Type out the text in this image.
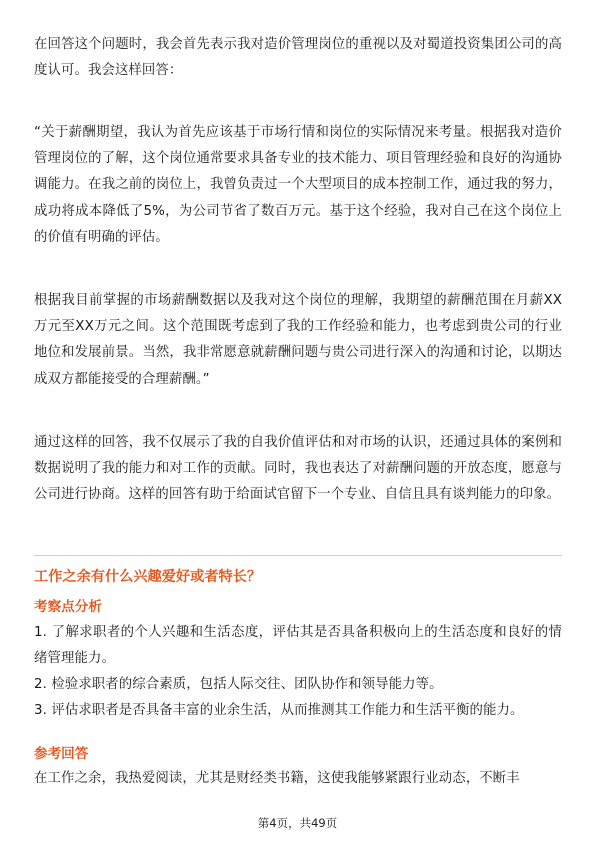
在回答这个问题时，我会首先表示我对造价管理岗位的重视以及对蜀道投资集团公司的高度认可。我会这样回答：

“关于薪酬期望，我认为首先应该基于市场行情和岗位的实际情况来考量。根据我对造价管理岗位的了解，这个岗位通常要求具备专业的技术能力、项目管理经验和良好的沟通协调能力。在我之前的岗位上，我曾负责过一个大型项目的成本控制工作，通过我的努力，成功将成本降低了5%，为公司节省了数百万元。基于这个经验，我对自己在这个岗位上的价值有明确的评估。

根据我目前掌握的市场薪酬数据以及我对这个岗位的理解，我期望的薪酬范围在月薪XX万元至XX万元之间。这个范围既考虑到了我的工作经验和能力，也考虑到贵公司的行业地位和发展前景。当然，我非常愿意就薪酬问题与贵公司进行深入的沟通和讨论，以期达成双方都能接受的合理薪酬。”

通过这样的回答，我不仅展示了我的自我价值评估和对市场的认识，还通过具体的案例和数据说明了我的能力和对工作的贡献。同时，我也表达了对薪酬问题的开放态度，愿意与公司进行协商。这样的回答有助于给面试官留下一个专业、自信且具有谈判能力的印象。

工作之余有什么兴趣爱好或者特长？
考察点分析
1. 了解求职者的个人兴趣和生活态度，评估其是否具备积极向上的生活态度和良好的情绪管理能力。
2. 检验求职者的综合素质，包括人际交往、团队协作和领导能力等。
3. 评估求职者是否具备丰富的业余生活，从而推测其工作能力和生活平衡的能力。
参考回答

在工作之余，我热爱阅读，尤其是财经类书籍，这使我能够紧跟行业动态，不断丰

第4页，共49页
